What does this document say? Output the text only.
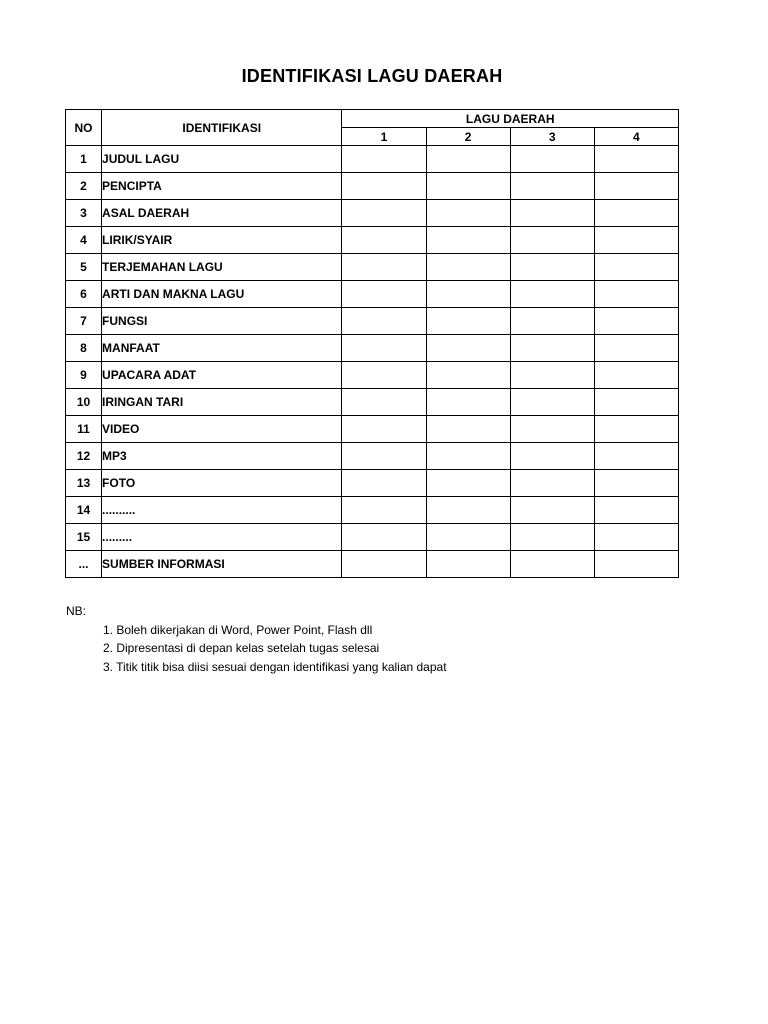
IDENTIFIKASI LAGU DAERAH
NO	IDENTIFIKASI	LAGU DAERAH			
		1	2	3	4
1	JUDUL LAGU				
2	PENCIPTA				
3	ASAL DAERAH				
4	LIRIK/SYAIR				
5	TERJEMAHAN LAGU				
6	ARTI DAN MAKNA LAGU				
7	FUNGSI				
8	MANFAAT				
9	UPACARA ADAT				
10	IRINGAN TARI				
11	VIDEO				
12	MP3				
13	FOTO				
14	..........				
15	.........				
...	SUMBER INFORMASI				

NB:

1. Boleh dikerjakan di Word, Power Point, Flash dll
2. Dipresentasi di depan kelas setelah tugas selesai
3. Titik titik bisa diisi sesuai dengan identifikasi yang kalian dapat
